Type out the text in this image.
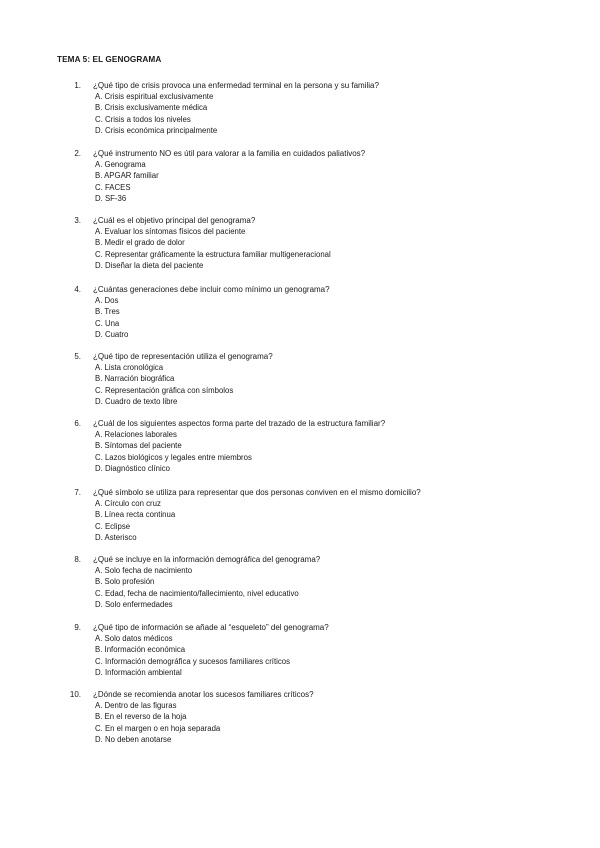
TEMA 5: EL GENOGRAMA
1. ¿Qué tipo de crisis provoca una enfermedad terminal en la persona y su familia?
A. Crisis espiritual exclusivamente
B. Crisis exclusivamente médica
C. Crisis a todos los niveles
D. Crisis económica principalmente
2. ¿Qué instrumento NO es útil para valorar a la familia en cuidados paliativos?
A. Genograma
B. APGAR familiar
C. FACES
D. SF-36
3. ¿Cuál es el objetivo principal del genograma?
A. Evaluar los síntomas físicos del paciente
B. Medir el grado de dolor
C. Representar gráficamente la estructura familiar multigeneracional
D. Diseñar la dieta del paciente
4. ¿Cuántas generaciones debe incluir como mínimo un genograma?
A. Dos
B. Tres
C. Una
D. Cuatro
5. ¿Qué tipo de representación utiliza el genograma?
A. Lista cronológica
B. Narración biográfica
C. Representación gráfica con símbolos
D. Cuadro de texto libre
6. ¿Cuál de los siguientes aspectos forma parte del trazado de la estructura familiar?
A. Relaciones laborales
B. Síntomas del paciente
C. Lazos biológicos y legales entre miembros
D. Diagnóstico clínico
7. ¿Qué símbolo se utiliza para representar que dos personas conviven en el mismo domicilio?
A. Círculo con cruz
B. Línea recta continua
C. Eclipse
D. Asterisco
8. ¿Qué se incluye en la información demográfica del genograma?
A. Solo fecha de nacimiento
B. Solo profesión
C. Edad, fecha de nacimiento/fallecimiento, nivel educativo
D. Solo enfermedades
9. ¿Qué tipo de información se añade al “esqueleto” del genograma?
A. Solo datos médicos
B. Información económica
C. Información demográfica y sucesos familiares críticos
D. Información ambiental
10. ¿Dónde se recomienda anotar los sucesos familiares críticos?
A. Dentro de las figuras
B. En el reverso de la hoja
C. En el margen o en hoja separada
D. No deben anotarse
